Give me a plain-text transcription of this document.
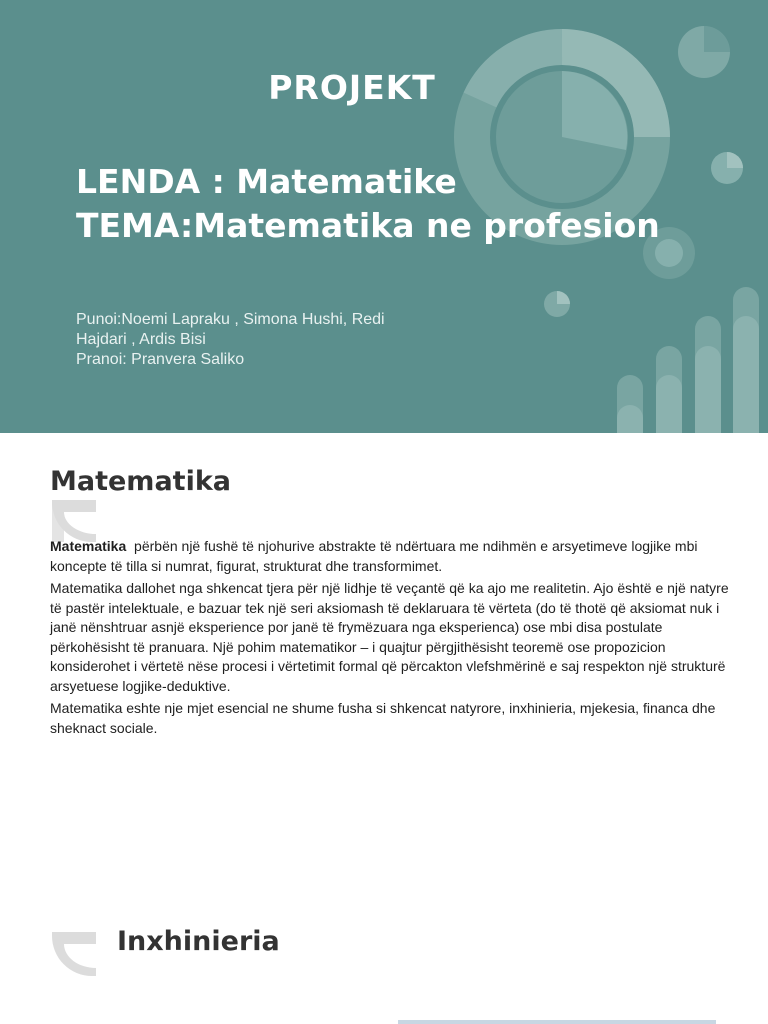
PROJEKT
LENDA : Matematike
TEMA:Matematika ne profesion
Punoi:Noemi Lapraku , Simona Hushi, Redi
Hajdari , Ardis Bisi
Pranoi: Pranvera Saliko
Matematika

Matematika  përbën një fushë të njohurive abstrakte të ndërtuara me ndihmën e arsyetimeve logjike mbi koncepte të tilla si numrat, figurat, strukturat dhe transformimet.

Matematika dallohet nga shkencat tjera për një lidhje të veçantë që ka ajo me realitetin. Ajo është e një natyre të pastër intelektuale, e bazuar tek një seri aksiomash të deklaruara të vërteta (do të thotë që aksiomat nuk i janë nënshtruar asnjë eksperience por janë të frymëzuara nga eksperienca) ose mbi disa postulate përkohësisht të pranuara. Një pohim matematikor – i quajtur përgjithësisht teoremë ose propozicion konsiderohet i vërtetë nëse procesi i vërtetimit formal që përcakton vlefshmërinë e saj respekton një strukturë arsyetuese logjike-deduktive.

Matematika eshte nje mjet esencial ne shume fusha si shkencat natyrore, inxhinieria, mjekesia, financa dhe sheknact sociale.

Inxhinieria
